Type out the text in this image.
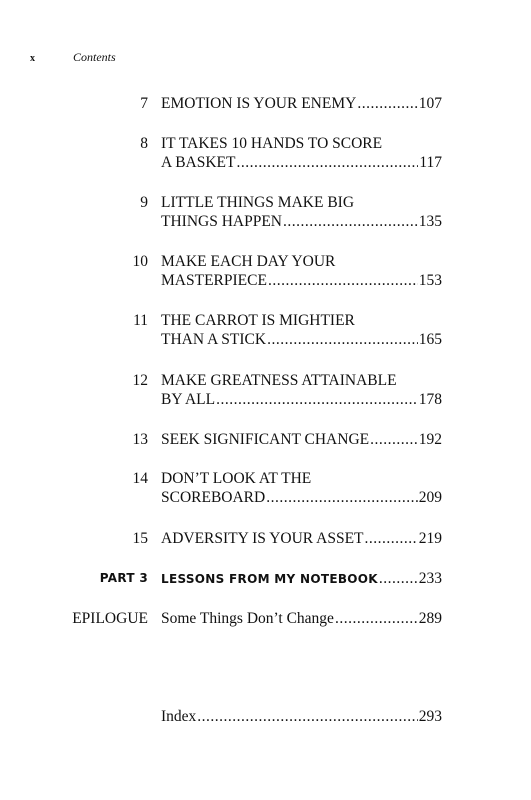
x	Contents
7 EMOTION IS YOUR ENEMY .....	107
8 IT TAKES 10 HANDS TO SCORE
A BASKET .....	117
9 LITTLE THINGS MAKE BIG
THINGS HAPPEN .....	135
10 MAKE EACH DAY YOUR
MASTERPIECE .....	153
11 THE CARROT IS MIGHTIER
THAN A STICK .....	165
12 MAKE GREATNESS ATTAINABLE
BY ALL .....	178
13 SEEK SIGNIFICANT CHANGE .....	192
14 DON’T LOOK AT THE
SCOREBOARD .....	209
15 ADVERSITY IS YOUR ASSET .....	219
PART 3 LESSONS FROM MY NOTEBOOK .....	233
EPILOGUE Some Things Don’t Change .....	289
Index .....	293
